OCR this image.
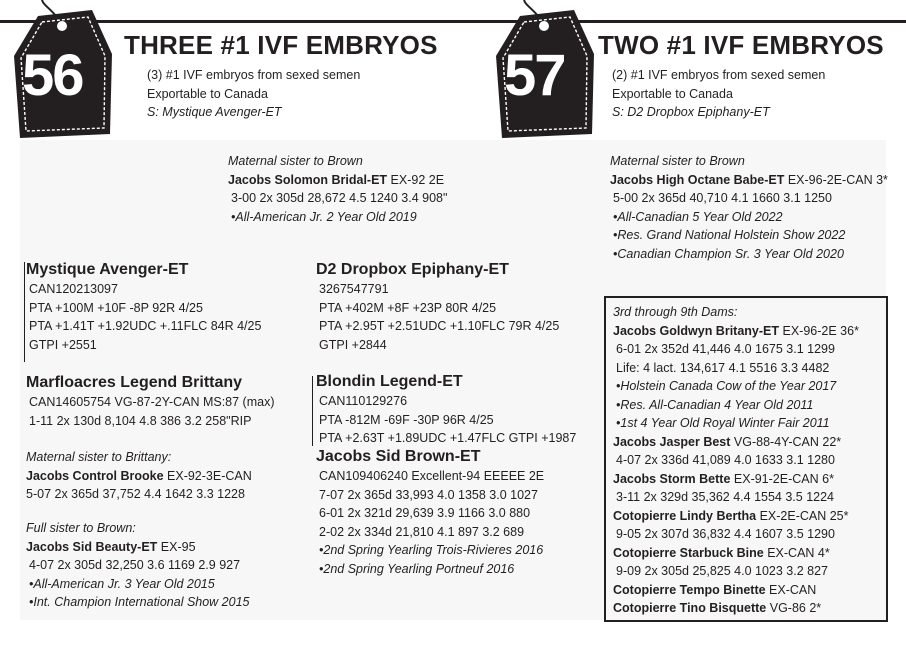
56	57
THREE #1 IVF EMBRYOS	TWO #1 IVF EMBRYOS
(3) #1 IVF embryos from sexed semen
Exportable to Canada
S: Mystique Avenger-ET
(2) #1 IVF embryos from sexed semen
Exportable to Canada
S: D2 Dropbox Epiphany-ET
Maternal sister to Brown
Jacobs Solomon Bridal-ET EX-92 2E
3-00 2x 305d 28,672 4.5 1240 3.4 908"
•All-American Jr. 2 Year Old 2019
Maternal sister to Brown
Jacobs High Octane Babe-ET EX-96-2E-CAN 3*
5-00 2x 365d 40,710 4.1 1660 3.1 1250
•All-Canadian 5 Year Old 2022
•Res. Grand National Holstein Show 2022
•Canadian Champion Sr. 3 Year Old 2020
Mystique Avenger-ET
CAN120213097
PTA +100M +10F -8P 92R 4/25
PTA +1.41T +1.92UDC +.11FLC 84R 4/25
GTPI +2551
D2 Dropbox Epiphany-ET
3267547791
PTA +402M +8F +23P 80R 4/25
PTA +2.95T +2.51UDC +1.10FLC 79R 4/25
GTPI +2844
Marfloacres Legend Brittany
CAN14605754 VG-87-2Y-CAN MS:87 (max)
1-11 2x 130d 8,104 4.8 386 3.2 258"RIP
Blondin Legend-ET
CAN110129276
PTA -812M -69F -30P 96R 4/25
PTA +2.63T +1.89UDC +1.47FLC GTPI +1987
Jacobs Sid Brown-ET
CAN109406240 Excellent-94 EEEEE 2E
7-07 2x 365d 33,993 4.0 1358 3.0 1027
6-01 2x 321d 29,639 3.9 1166 3.0 880
2-02 2x 334d 21,810 4.1 897 3.2 689
•2nd Spring Yearling Trois-Rivieres 2016
•2nd Spring Yearling Portneuf 2016
Maternal sister to Brittany:
Jacobs Control Brooke EX-92-3E-CAN
5-07 2x 365d 37,752 4.4 1642 3.3 1228
Full sister to Brown:
Jacobs Sid Beauty-ET EX-95
4-07 2x 305d 32,250 3.6 1169 2.9 927
•All-American Jr. 3 Year Old 2015
•Int. Champion International Show 2015
3rd through 9th Dams:
Jacobs Goldwyn Britany-ET EX-96-2E 36*
6-01 2x 352d 41,446 4.0 1675 3.1 1299
Life: 4 lact. 134,617 4.1 5516 3.3 4482
•Holstein Canada Cow of the Year 2017
•Res. All-Canadian 4 Year Old 2011
•1st 4 Year Old Royal Winter Fair 2011
Jacobs Jasper Best VG-88-4Y-CAN 22*
4-07 2x 336d 41,089 4.0 1633 3.1 1280
Jacobs Storm Bette EX-91-2E-CAN 6*
3-11 2x 329d 35,362 4.4 1554 3.5 1224
Cotopierre Lindy Bertha EX-2E-CAN 25*
9-05 2x 307d 36,832 4.4 1607 3.5 1290
Cotopierre Starbuck Bine EX-CAN 4*
9-09 2x 305d 25,825 4.0 1023 3.2 827
Cotopierre Tempo Binette EX-CAN
Cotopierre Tino Bisquette VG-86 2*
